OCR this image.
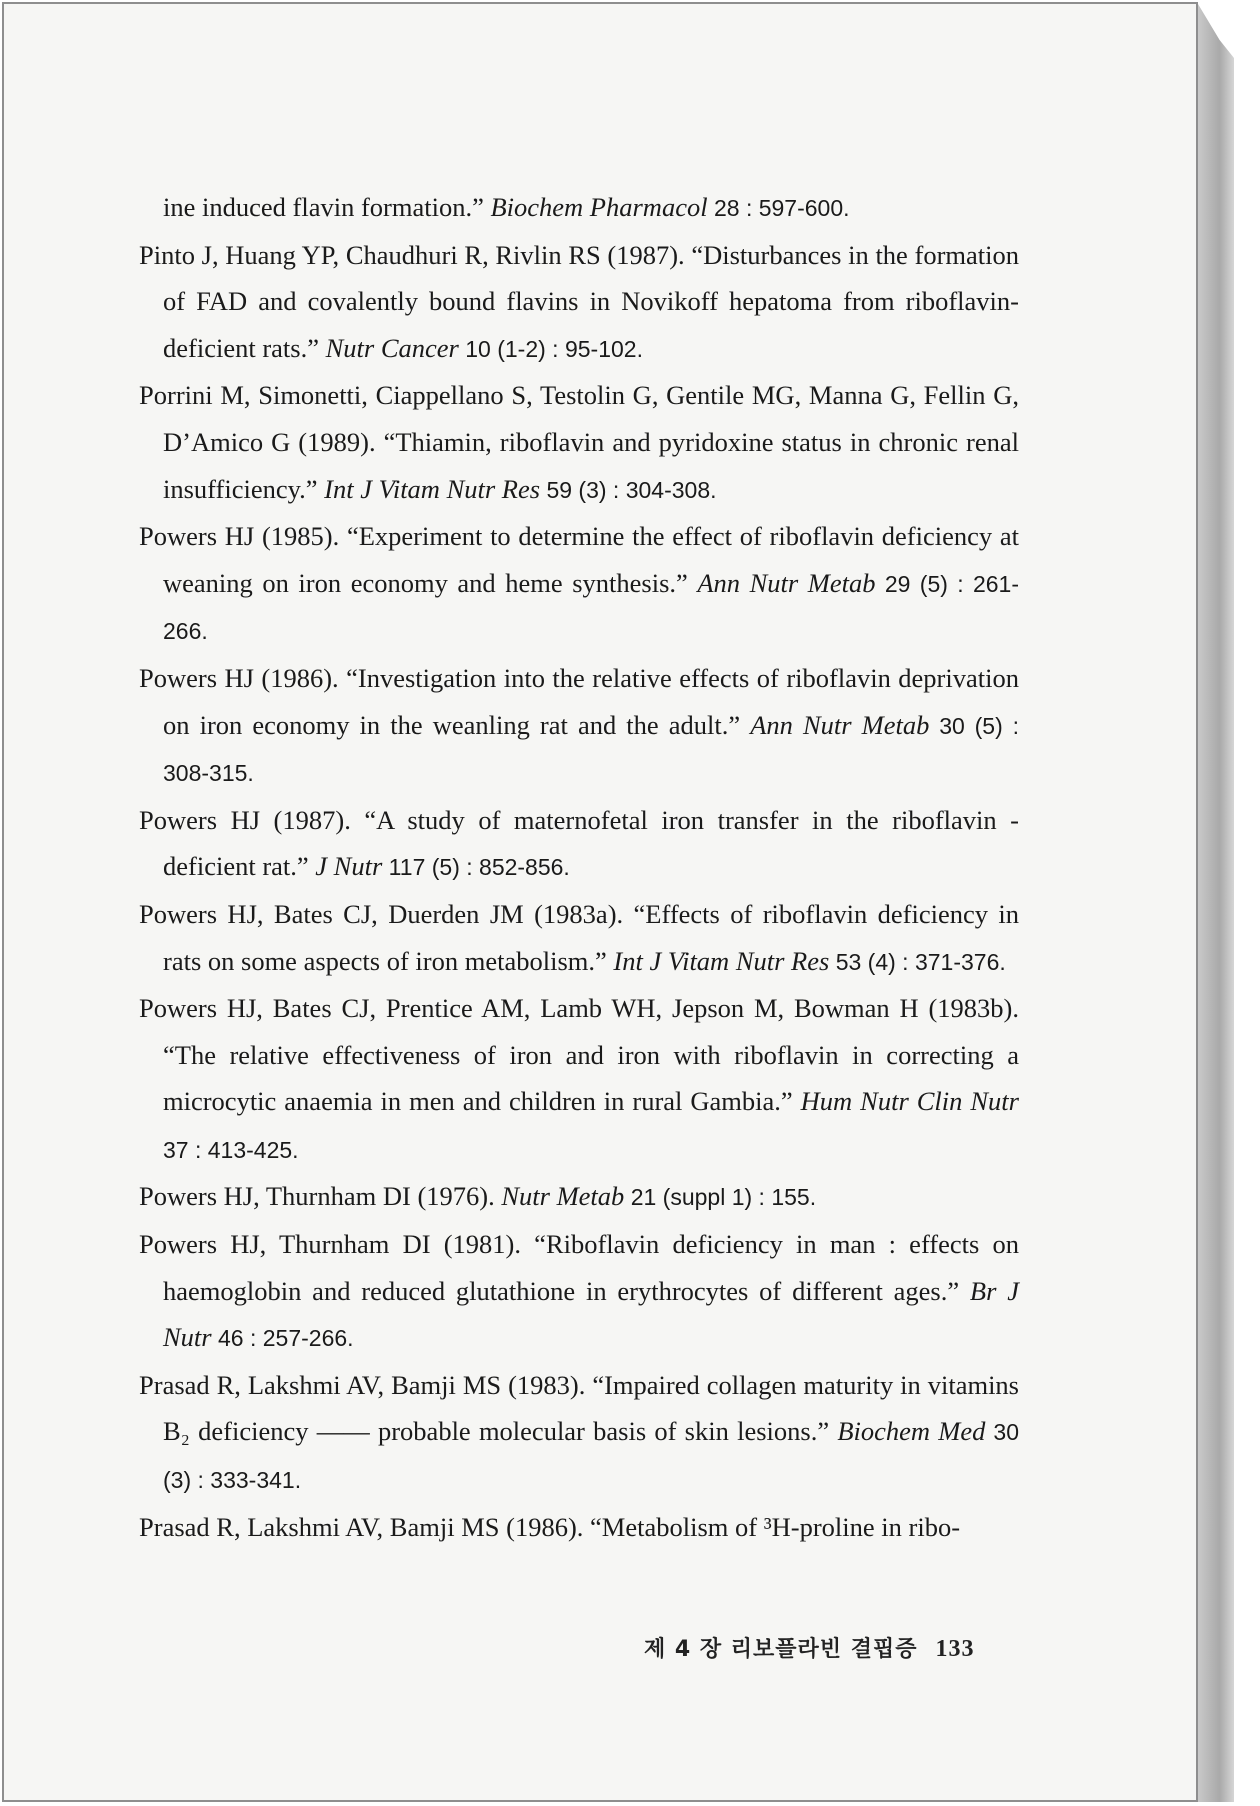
ine induced flavin formation.” Biochem Pharmacol 28 : 597-600.
Pinto J, Huang YP, Chaudhuri R, Rivlin RS (1987). “Disturbances in the formation of FAD and covalently bound flavins in Novikoff hepatoma from riboflavin-deficient rats.” Nutr Cancer 10 (1-2) : 95-102.
Porrini M, Simonetti, Ciappellano S, Testolin G, Gentile MG, Manna G, Fellin G, D’Amico G (1989). “Thiamin, riboflavin and pyridoxine status in chronic renal insufficiency.” Int J Vitam Nutr Res 59 (3) : 304-308.
Powers HJ (1985). “Experiment to determine the effect of riboflavin deficiency at weaning on iron economy and heme synthesis.” Ann Nutr Metab 29 (5) : 261-266.
Powers HJ (1986). “Investigation into the relative effects of riboflavin deprivation on iron economy in the weanling rat and the adult.” Ann Nutr Metab 30 (5) : 308-315.
Powers HJ (1987). “A study of maternofetal iron transfer in the riboflavin -deficient rat.” J Nutr 117 (5) : 852-856.
Powers HJ, Bates CJ, Duerden JM (1983a). “Effects of riboflavin deficiency in rats on some aspects of iron metabolism.” Int J Vitam Nutr Res 53 (4) : 371-376.
Powers HJ, Bates CJ, Prentice AM, Lamb WH, Jepson M, Bowman H (1983b). “The relative effectiveness of iron and iron with riboflavin in correcting a microcytic anaemia in men and children in rural Gambia.” Hum Nutr Clin Nutr 37 : 413-425.
Powers HJ, Thurnham DI (1976). Nutr Metab 21 (suppl 1) : 155.
Powers HJ, Thurnham DI (1981). “Riboflavin deficiency in man : effects on haemoglobin and reduced glutathione in erythrocytes of different ages.” Br J Nutr 46 : 257-266.
Prasad R, Lakshmi AV, Bamji MS (1983). “Impaired collagen maturity in vitamins B₂ deficiency —— probable molecular basis of skin lesions.” Biochem Med 30 (3) : 333-341.
Prasad R, Lakshmi AV, Bamji MS (1986). “Metabolism of ³H-proline in ribo-
제 4 장 리보플라빈 결핍증 133
